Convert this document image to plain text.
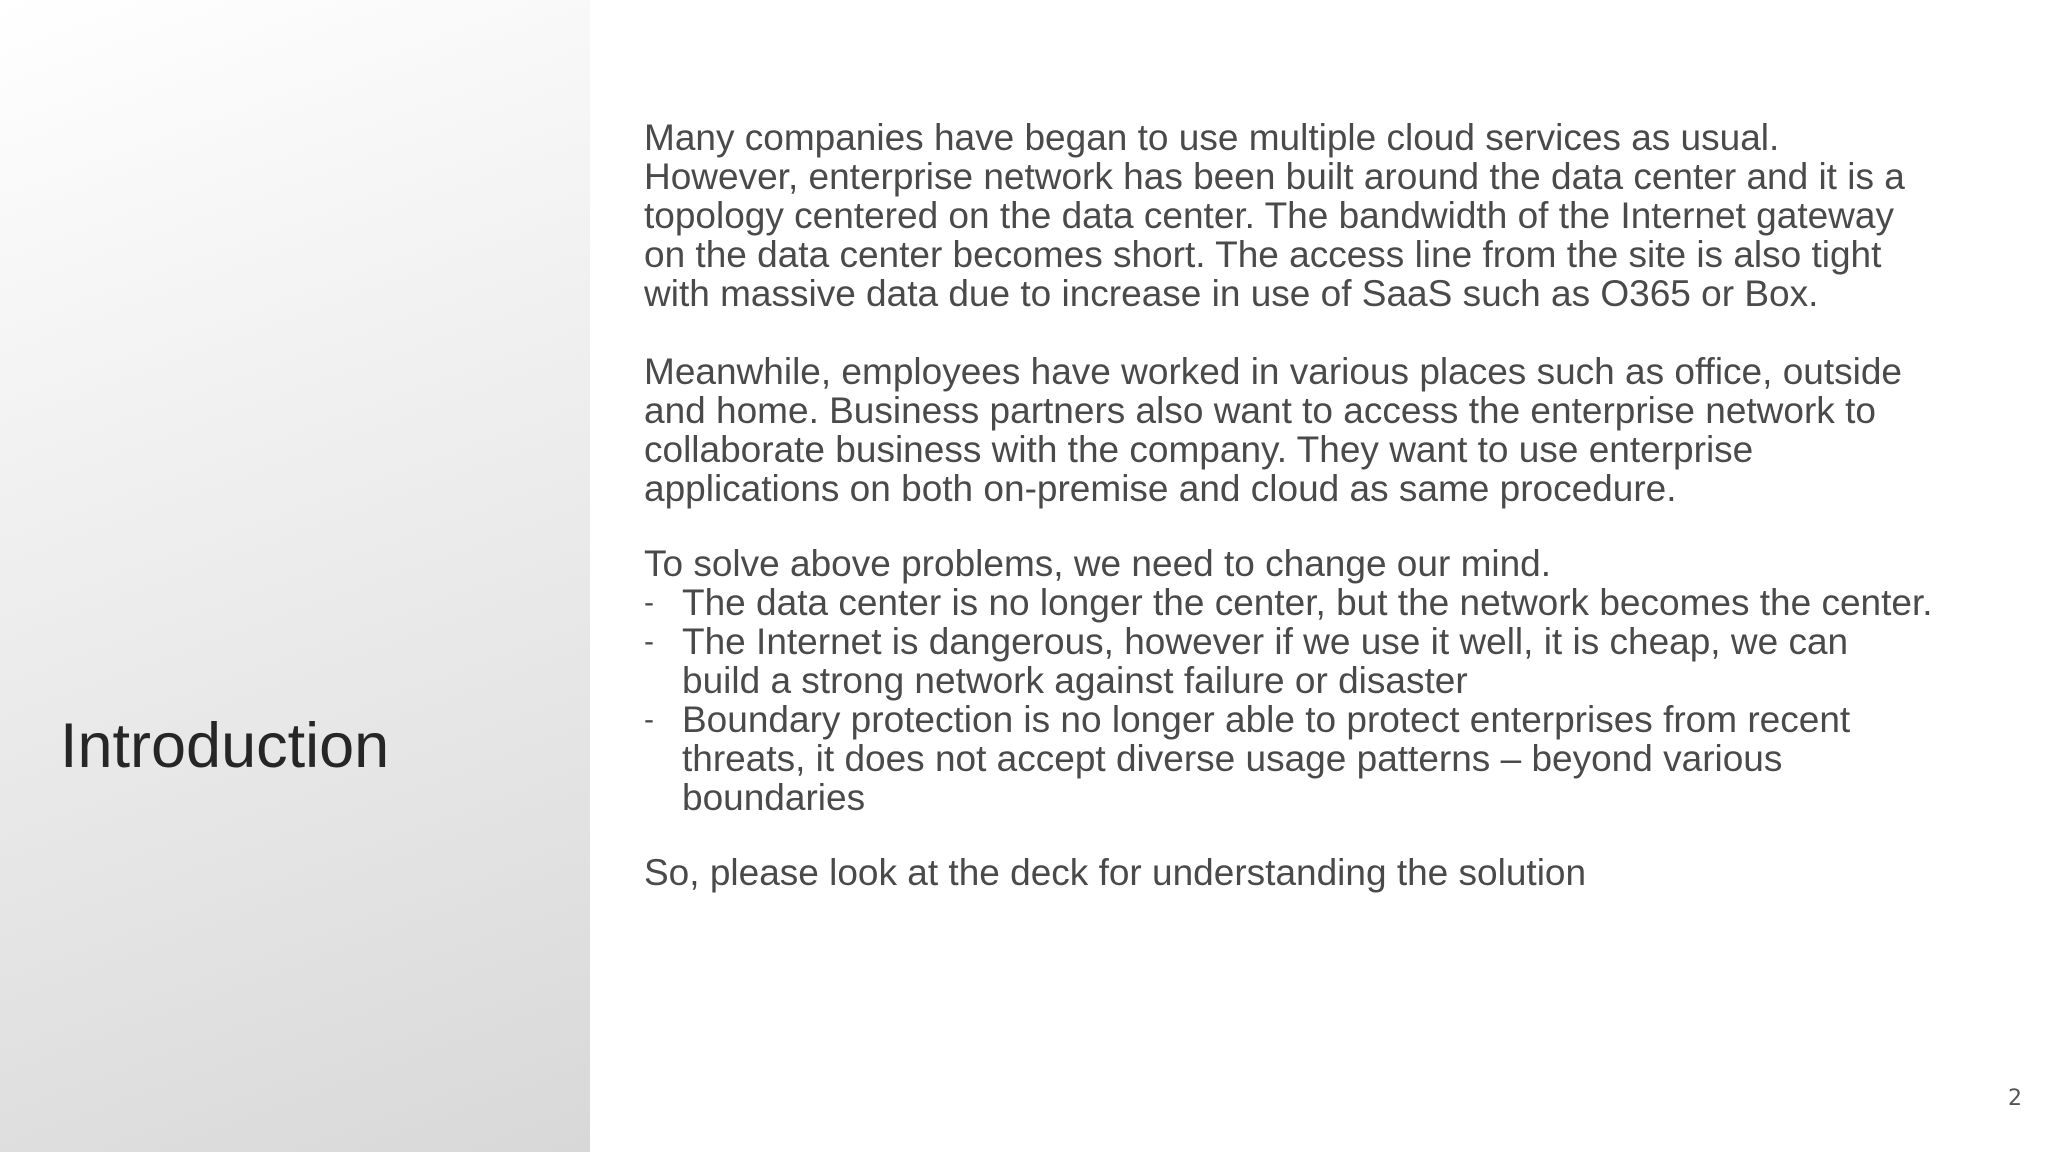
Introduction

Many companies have began to use multiple cloud services as usual. However, enterprise network has been built around the data center and it is a topology centered on the data center. The bandwidth of the Internet gateway on the data center becomes short. The access line from the site is also tight with massive data due to increase in use of SaaS such as O365 or Box.

Meanwhile, employees have worked in various places such as office, outside and home. Business partners also want to access the enterprise network to collaborate business with the company. They want to use enterprise applications on both on-premise and cloud as same procedure.

To solve above problems, we need to change our mind.

- The data center is no longer the center, but the network becomes the center.
- The Internet is dangerous, however if we use it well, it is cheap, we can build a strong network against failure or disaster
- Boundary protection is no longer able to protect enterprises from recent threats, it does not accept diverse usage patterns – beyond various boundaries

So, please look at the deck for understanding the solution

2
